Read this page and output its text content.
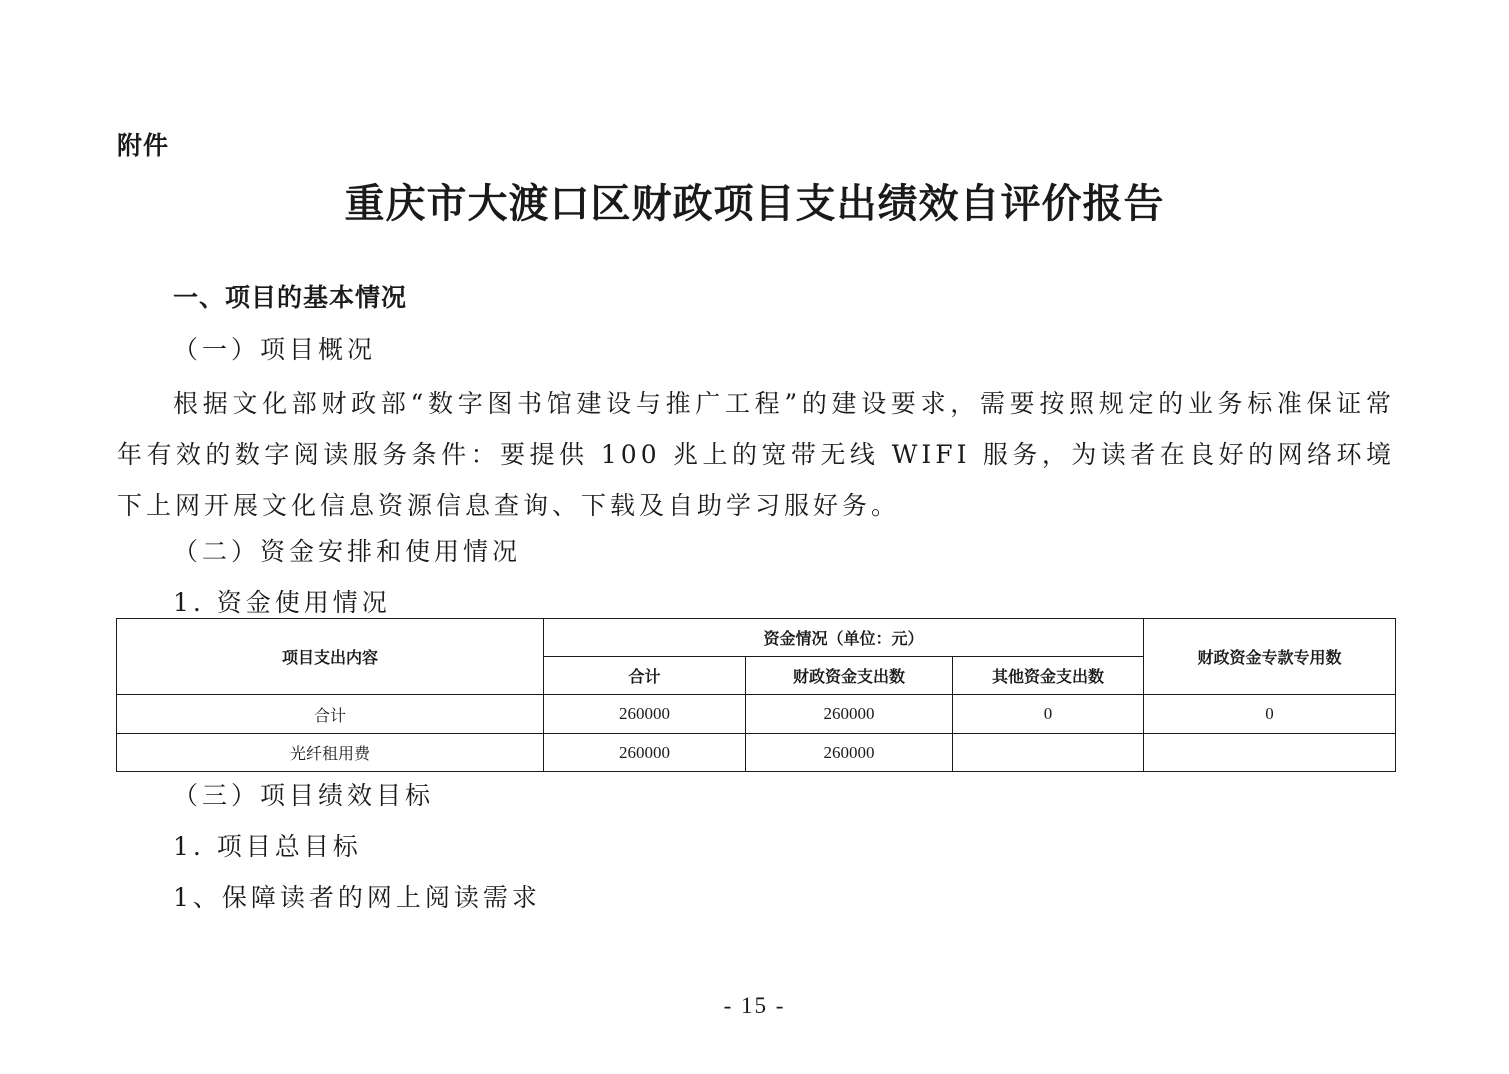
附件
重庆市大渡口区财政项目支出绩效自评价报告
一、项目的基本情况
（一）项目概况
根据文化部财政部“数字图书馆建设与推广工程”的建设要求，需要按照规定的业务标准保证常年有效的数字阅读服务条件：要提供 100 兆上的宽带无线 WIFI 服务，为读者在良好的网络环境下上网开展文化信息资源信息查询、下载及自助学习服好务。
（二）资金安排和使用情况
1. 资金使用情况
项目支出内容	资金情况（单位：元）			财政资金专款专用数
	合计	财政资金支出数	其他资金支出数	
合计	260000	260000	0	0
光纤租用费	260000	260000		
（三）项目绩效目标
1. 项目总目标
1、保障读者的网上阅读需求
- 15 -
